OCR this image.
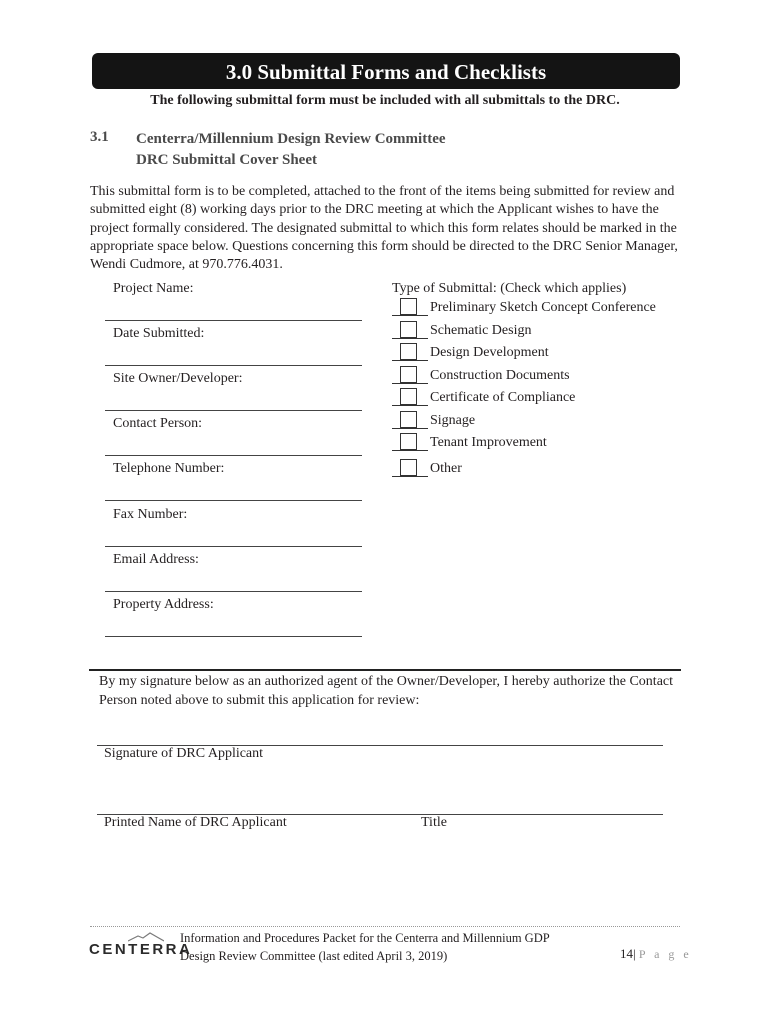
3.0 Submittal Forms and Checklists
The following submittal form must be included with all submittals to the DRC.
3.1 Centerra/Millennium Design Review Committee
DRC Submittal Cover Sheet
This submittal form is to be completed, attached to the front of the items being submitted for review and submitted eight (8) working days prior to the DRC meeting at which the Applicant wishes to have the project formally considered. The designated submittal to which this form relates should be marked in the appropriate space below. Questions concerning this form should be directed to the DRC Senior Manager, Wendi Cudmore, at 970.776.4031.
Project Name:
Date Submitted:
Site Owner/Developer:
Contact Person:
Telephone Number:
Fax Number:
Email Address:
Property Address:
Type of Submittal: (Check which applies)
Preliminary Sketch Concept Conference
Schematic Design
Design Development
Construction Documents
Certificate of Compliance
Signage
Tenant Improvement
Other
By my signature below as an authorized agent of the Owner/Developer, I hereby authorize the Contact Person noted above to submit this application for review:
Signature of DRC Applicant
Printed Name of DRC Applicant	Title
CENTERRA
Information and Procedures Packet for the Centerra and Millennium GDP
Design Review Committee (last edited April 3, 2019)	14| P a g e
